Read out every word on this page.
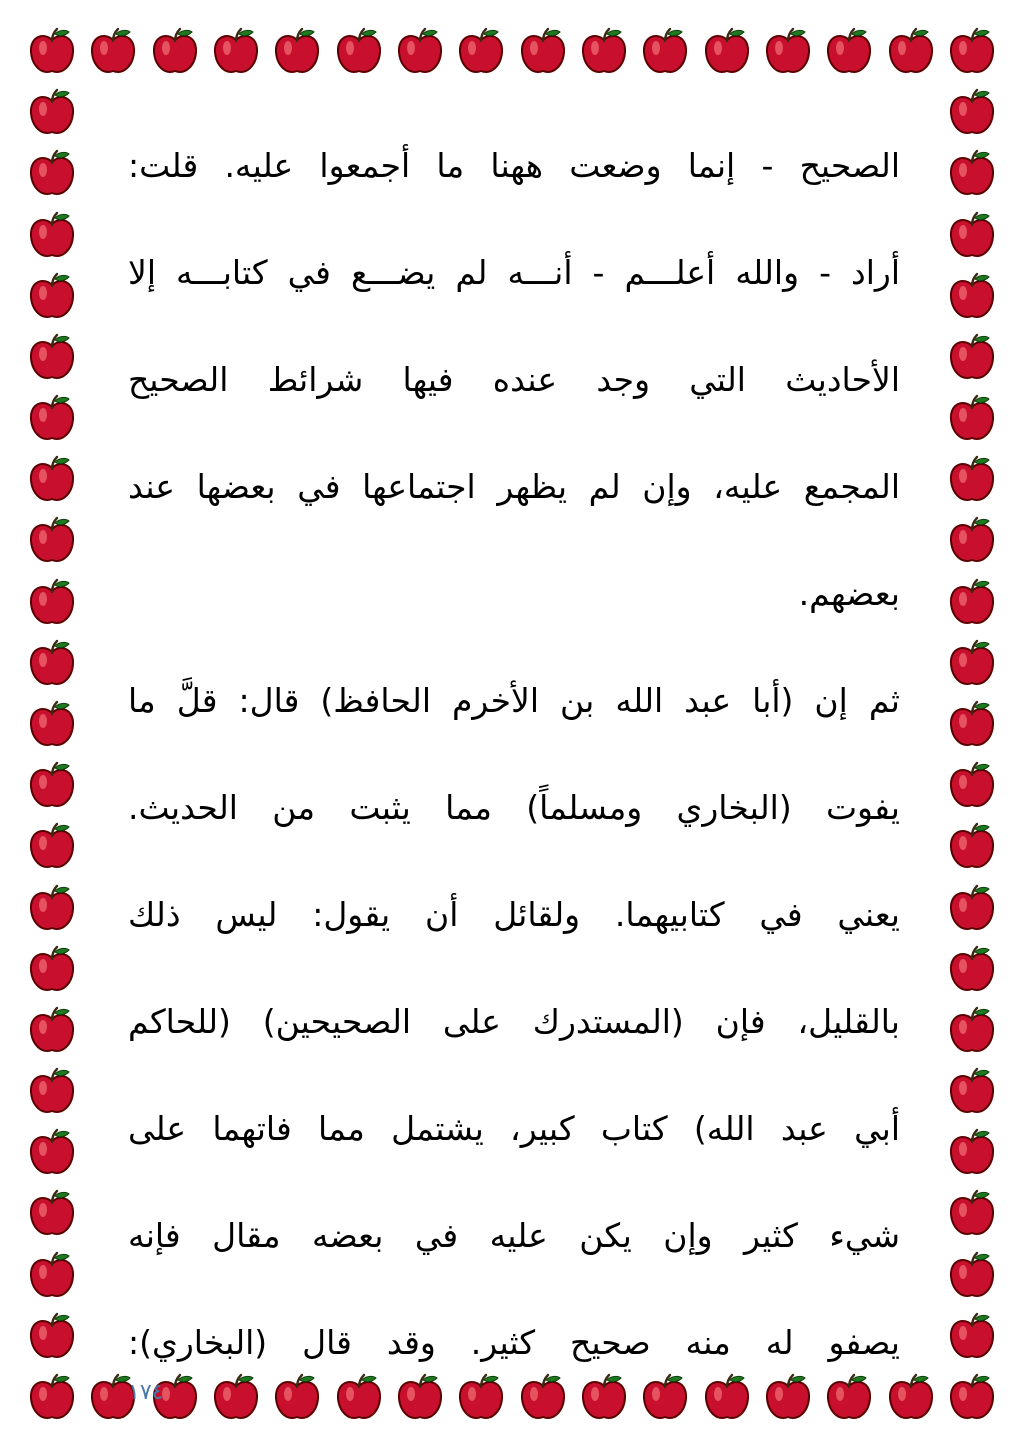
الصحيح - إنما وضعت ههنا ما أجمعوا عليه. قلت:

أراد - والله أعلـــم - أنـــه لم يضـــع في كتابـــه إلا

الأحاديث التي وجد عنده فيها شرائط الصحيح

المجمع عليه، وإن لم يظهر اجتماعها في بعضها عند

بعضهم.

ثم إن (أبا عبد الله بن الأخرم الحافظ) قال: قلَّ ما

يفوت (البخاري ومسلماً) مما يثبت من الحديث.

يعني في كتابيهما. ولقائل أن يقول: ليس ذلك

بالقليل، فإن (المستدرك على الصحيحين) (للحاكم

أبي عبد الله) كتاب كبير، يشتمل مما فاتهما على

شيء كثير وإن يكن عليه في بعضه مقال فإنه

يصفو له منه صحيح كثير. وقد قال (البخاري):

١٧٤
